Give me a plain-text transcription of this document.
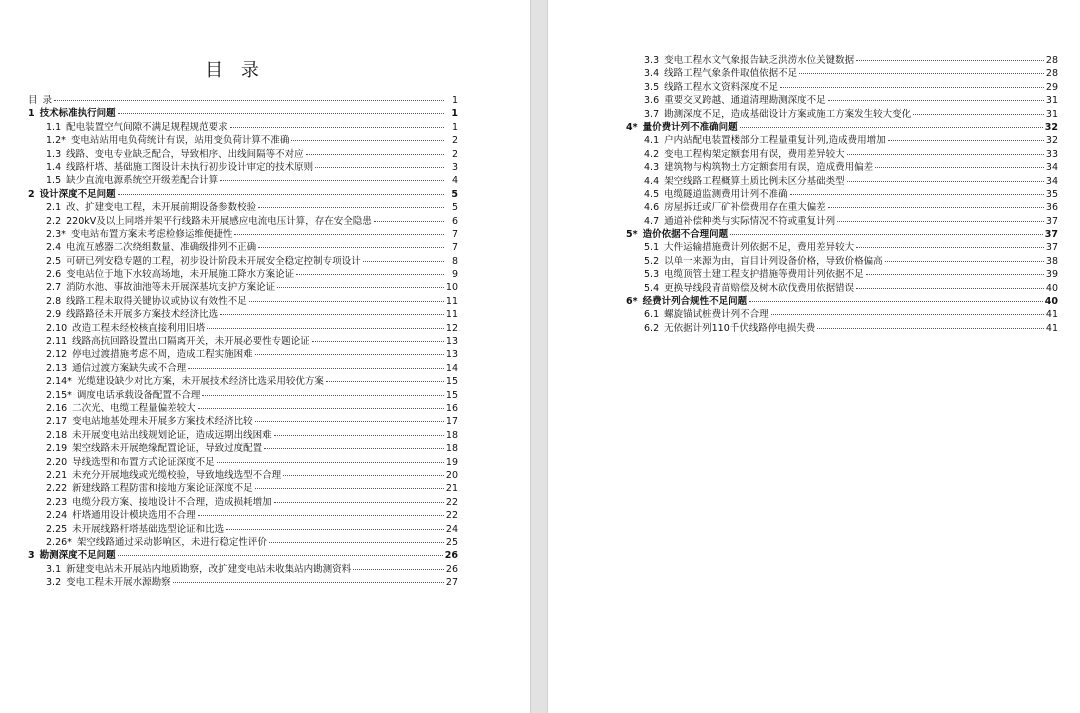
目 录
目 录	1
1 技术标准执行问题	1
1.1 配电装置空气间隙不满足规程规范要求	1
1.2* 变电站站用电负荷统计有误，站用变负荷计算不准确	2
1.3 线路、变电专业缺乏配合，导致相序、出线间隔等不对应	2
1.4 线路杆塔、基础施工图设计未执行初步设计审定的技术原则	3
1.5 缺少直流电源系统空开级差配合计算	4
2 设计深度不足问题	5
2.1 改、扩建变电工程，未开展前期设备参数校验	5
2.2 220kV及以上同塔并架平行线路未开展感应电流电压计算，存在安全隐患	6
2.3* 变电站布置方案未考虑检修运维便捷性	7
2.4 电流互感器二次绕组数量、准确级排列不正确	7
2.5 可研已列安稳专题的工程，初步设计阶段未开展安全稳定控制专项设计	8
2.6 变电站位于地下水较高场地，未开展施工降水方案论证	9
2.7 消防水池、事故油池等未开展深基坑支护方案论证	10
2.8 线路工程未取得关键协议或协议有效性不足	11
2.9 线路路径未开展多方案技术经济比选	11
2.10 改造工程未经校核直接利用旧塔	12
2.11 线路高抗回路设置出口隔离开关，未开展必要性专题论证	13
2.12 停电过渡措施考虑不周，造成工程实施困难	13
2.13 通信过渡方案缺失或不合理	14
2.14* 光缆建设缺少对比方案，未开展技术经济比选采用较优方案	15
2.15* 调度电话承载设备配置不合理	15
2.16 二次光、电缆工程量偏差较大	16
2.17 变电站地基处理未开展多方案技术经济比较	17
2.18 未开展变电站出线规划论证，造成远期出线困难	18
2.19 架空线路未开展绝缘配置论证，导致过度配置	18
2.20 导线选型和布置方式论证深度不足	19
2.21 未充分开展地线或光缆校验，导致地线选型不合理	20
2.22 新建线路工程防雷和接地方案论证深度不足	21
2.23 电缆分段方案、接地设计不合理，造成损耗增加	22
2.24 杆塔通用设计模块选用不合理	22
2.25 未开展线路杆塔基础选型论证和比选	24
2.26* 架空线路通过采动影响区，未进行稳定性评价	25
3 勘测深度不足问题	26
3.1 新建变电站未开展站内地质勘察，改扩建变电站未收集站内勘测资料	26
3.2 变电工程未开展水源勘察	27
3.3 变电工程水文气象报告缺乏洪涝水位关键数据	28
3.4 线路工程气象条件取值依据不足	28
3.5 线路工程水文资料深度不足	29
3.6 重要交叉跨越、通道清理勘测深度不足	31
3.7 勘测深度不足，造成基础设计方案或施工方案发生较大变化	31
4* 量价费计列不准确问题	32
4.1 户内站配电装置楼部分工程量重复计列,造成费用增加	32
4.2 变电工程构架定额套用有误，费用差异较大	33
4.3 建筑物与构筑物土方定额套用有误，造成费用偏差	34
4.4 架空线路工程概算土质比例未区分基础类型	34
4.5 电缆隧道监测费用计列不准确	35
4.6 房屋拆迁或厂矿补偿费用存在重大偏差	36
4.7 通道补偿种类与实际情况不符或重复计列	37
5* 造价依据不合理问题	37
5.1 大件运输措施费计列依据不足，费用差异较大	37
5.2 以单一来源为由，盲目计列设备价格，导致价格偏高	38
5.3 电缆顶管土建工程支护措施等费用计列依据不足	39
5.4 更换导线段青苗赔偿及树木砍伐费用依据错误	40
6* 经费计列合规性不足问题	40
6.1 螺旋锚试桩费计列不合理	41
6.2 无依据计列110千伏线路停电损失费	41
